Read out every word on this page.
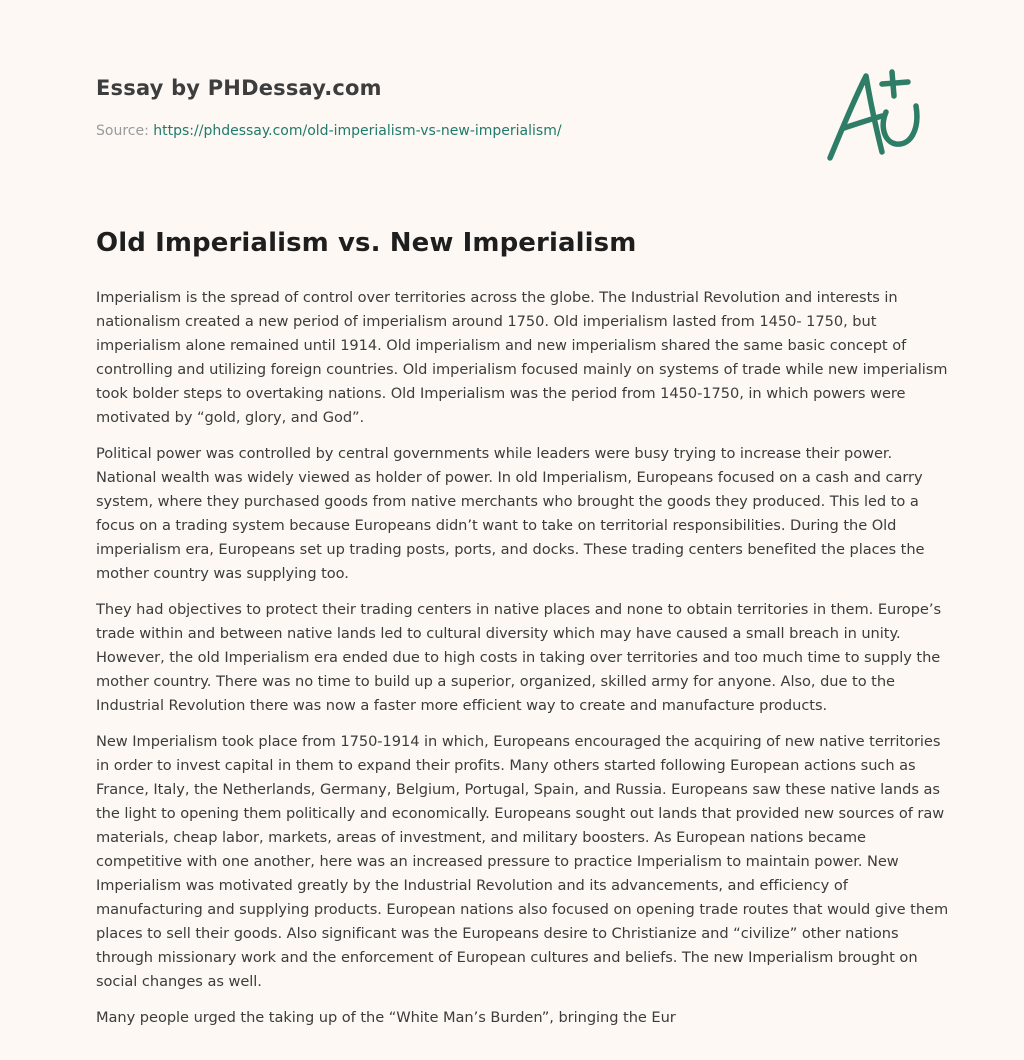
Essay by PHDessay.com
Source: https://phdessay.com/old-imperialism-vs-new-imperialism/
Old Imperialism vs. New Imperialism

Imperialism is the spread of control over territories across the globe. The Industrial Revolution and interests in nationalism created a new period of imperialism around 1750. Old imperialism lasted from 1450- 1750, but imperialism alone remained until 1914. Old imperialism and new imperialism shared the same basic concept of controlling and utilizing foreign countries. Old imperialism focused mainly on systems of trade while new imperialism took bolder steps to overtaking nations. Old Imperialism was the period from 1450-1750, in which powers were motivated by “gold, glory, and God”.

Political power was controlled by central governments while leaders were busy trying to increase their power. National wealth was widely viewed as holder of power. In old Imperialism, Europeans focused on a cash and carry system, where they purchased goods from native merchants who brought the goods they produced. This led to a focus on a trading system because Europeans didn’t want to take on territorial responsibilities. During the Old imperialism era, Europeans set up trading posts, ports, and docks. These trading centers benefited the places the mother country was supplying too.

They had objectives to protect their trading centers in native places and none to obtain territories in them. Europe’s trade within and between native lands led to cultural diversity which may have caused a small breach in unity. However, the old Imperialism era ended due to high costs in taking over territories and too much time to supply the mother country. There was no time to build up a superior, organized, skilled army for anyone. Also, due to the Industrial Revolution there was now a faster more efficient way to create and manufacture products.

New Imperialism took place from 1750-1914 in which, Europeans encouraged the acquiring of new native territories in order to invest capital in them to expand their profits. Many others started following European actions such as France, Italy, the Netherlands, Germany, Belgium, Portugal, Spain, and Russia. Europeans saw these native lands as the light to opening them politically and economically. Europeans sought out lands that provided new sources of raw materials, cheap labor, markets, areas of investment, and military boosters. As European nations became competitive with one another, here was an increased pressure to practice Imperialism to maintain power. New Imperialism was motivated greatly by the Industrial Revolution and its advancements, and efficiency of manufacturing and supplying products. European nations also focused on opening trade routes that would give them places to sell their goods. Also significant was the Europeans desire to Christianize and “civilize” other nations through missionary work and the enforcement of European cultures and beliefs. The new Imperialism brought on social changes as well.

Many people urged the taking up of the “White Man’s Burden”, bringing the Eur
